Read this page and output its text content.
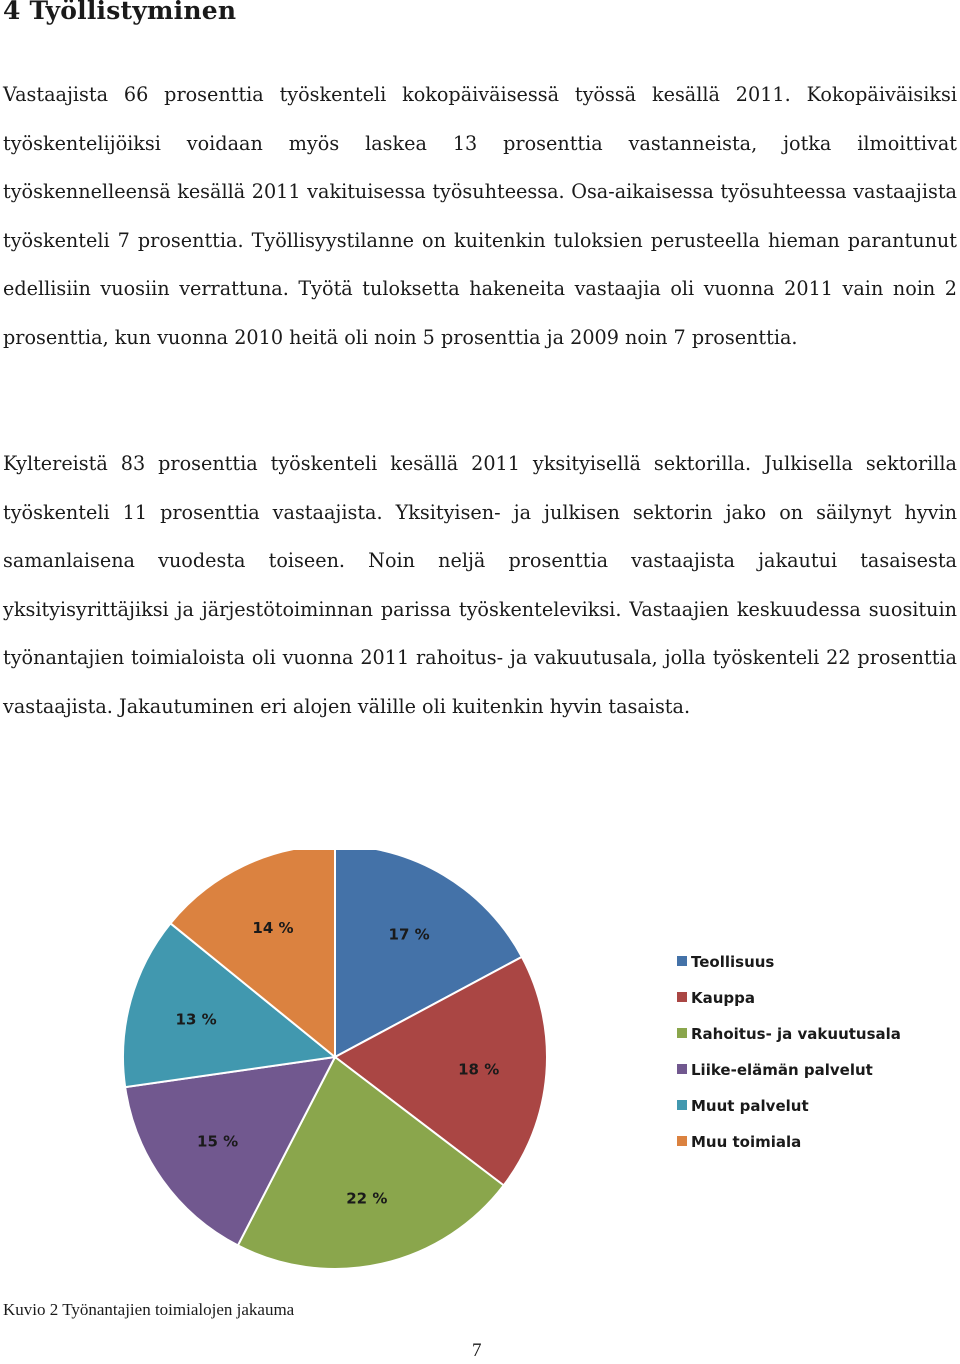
4 Työllistyminen
Vastaajista 66 prosenttia työskenteli kokopäiväisessä työssä kesällä 2011. Kokopäiväisiksi työskentelijöiksi voidaan myös laskea 13 prosenttia vastanneista, jotka ilmoittivat työskennelleensä kesällä 2011 vakituisessa työsuhteessa. Osa-aikaisessa työsuhteessa vastaajista työskenteli 7 prosenttia. Työllisyystilanne on kuitenkin tuloksien perusteella hieman parantunut edellisiin vuosiin verrattuna. Työtä tuloksetta hakeneita vastaajia oli vuonna 2011 vain noin 2 prosenttia, kun vuonna 2010 heitä oli noin 5 prosenttia ja 2009 noin 7 prosenttia.
Kyltereistä 83 prosenttia työskenteli kesällä 2011 yksityisellä sektorilla. Julkisella sektorilla työskenteli 11 prosenttia vastaajista. Yksityisen- ja julkisen sektorin jako on säilynyt hyvin samanlaisena vuodesta toiseen. Noin neljä prosenttia vastaajista jakautui tasaisesta yksityisyrittäjiksi ja järjestötoiminnan parissa työskenteleviksi. Vastaajien keskuudessa suosituin työnantajien toimialoista oli vuonna 2011 rahoitus- ja vakuutusala, jolla työskenteli 22 prosenttia vastaajista. Jakautuminen eri alojen välille oli kuitenkin hyvin tasaista.
17 %
18 %
22 %
15 %
13 %
14 %
Teollisuus
Kauppa
Rahoitus- ja vakuutusala
Liike-elämän palvelut
Muut palvelut
Muu toimiala
Kuvio 2 Työnantajien toimialojen jakauma
7
